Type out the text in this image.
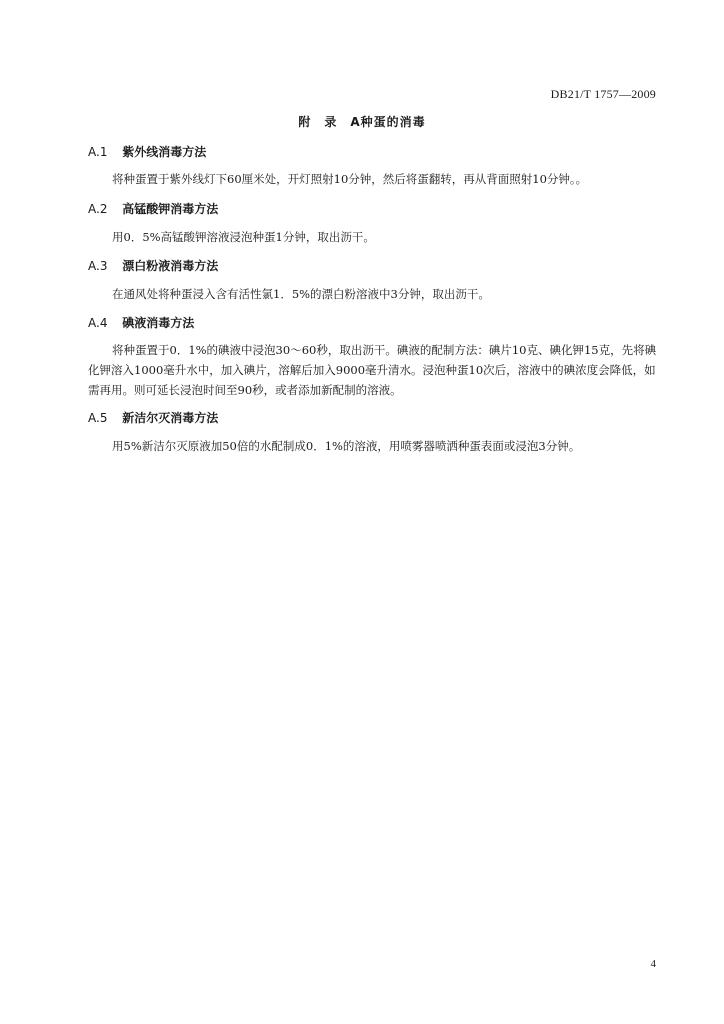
DB21/T 1757—2009
附　录　A种蛋的消毒
A.1 紫外线消毒方法
将种蛋置于紫外线灯下60厘米处，开灯照射10分钟，然后将蛋翻转，再从背面照射10分钟。。
A.2 高锰酸钾消毒方法
用0．5%高锰酸钾溶液浸泡种蛋1分钟，取出沥干。
A.3 漂白粉液消毒方法
在通风处将种蛋浸入含有活性氯1．5%的漂白粉溶液中3分钟，取出沥干。
A.4 碘液消毒方法
将种蛋置于0．1%的碘液中浸泡30～60秒，取出沥干。碘液的配制方法：碘片10克、碘化钾15克，先将碘化钾溶入1000毫升水中，加入碘片，溶解后加入9000毫升清水。浸泡种蛋10次后，溶液中的碘浓度会降低，如需再用。则可延长浸泡时间至90秒，或者添加新配制的溶液。
A.5 新洁尔灭消毒方法
用5%新洁尔灭原液加50倍的水配制成0．1%的溶液，用喷雾器喷洒种蛋表面或浸泡3分钟。
4
